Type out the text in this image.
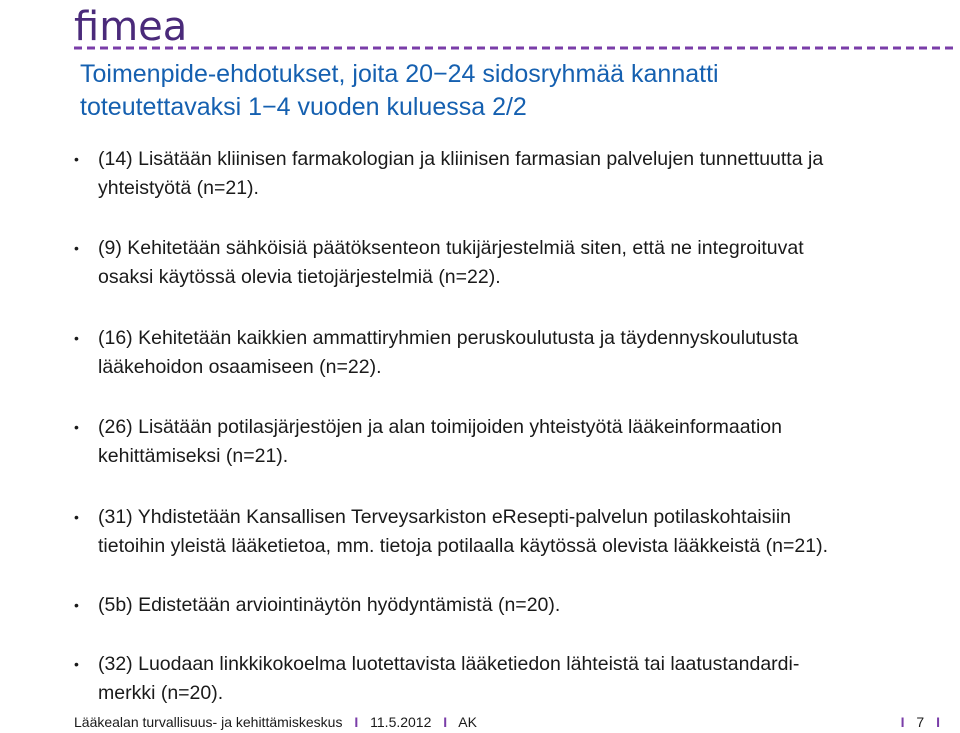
fimea
Toimenpide-ehdotukset, joita 20−24 sidosryhmää kannatti
toteutettavaksi 1−4 vuoden kuluessa 2/2
• (14) Lisätään kliinisen farmakologian ja kliinisen farmasian palvelujen tunnettuutta ja
yhteistyötä (n=21).
• (9) Kehitetään sähköisiä päätöksenteon tukijärjestelmiä siten, että ne integroituvat
osaksi käytössä olevia tietojärjestelmiä (n=22).
• (16) Kehitetään kaikkien ammattiryhmien peruskoulutusta ja täydennyskoulutusta
lääkehoidon osaamiseen (n=22).
• (26) Lisätään potilasjärjestöjen ja alan toimijoiden yhteistyötä lääkeinformaation
kehittämiseksi (n=21).
• (31) Yhdistetään Kansallisen Terveysarkiston eResepti-palvelun potilaskohtaisiin
tietoihin yleistä lääketietoa, mm. tietoja potilaalla käytössä olevista lääkkeistä (n=21).
• (5b) Edistetään arviointinäytön hyödyntämistä (n=20).
• (32) Luodaan linkkikokoelma luotettavista lääketiedon lähteistä tai laatustandardi-
merkki (n=20).
Lääkealan turvallisuus- ja kehittämiskeskus I 11.5.2012 I AK	I 7 I
